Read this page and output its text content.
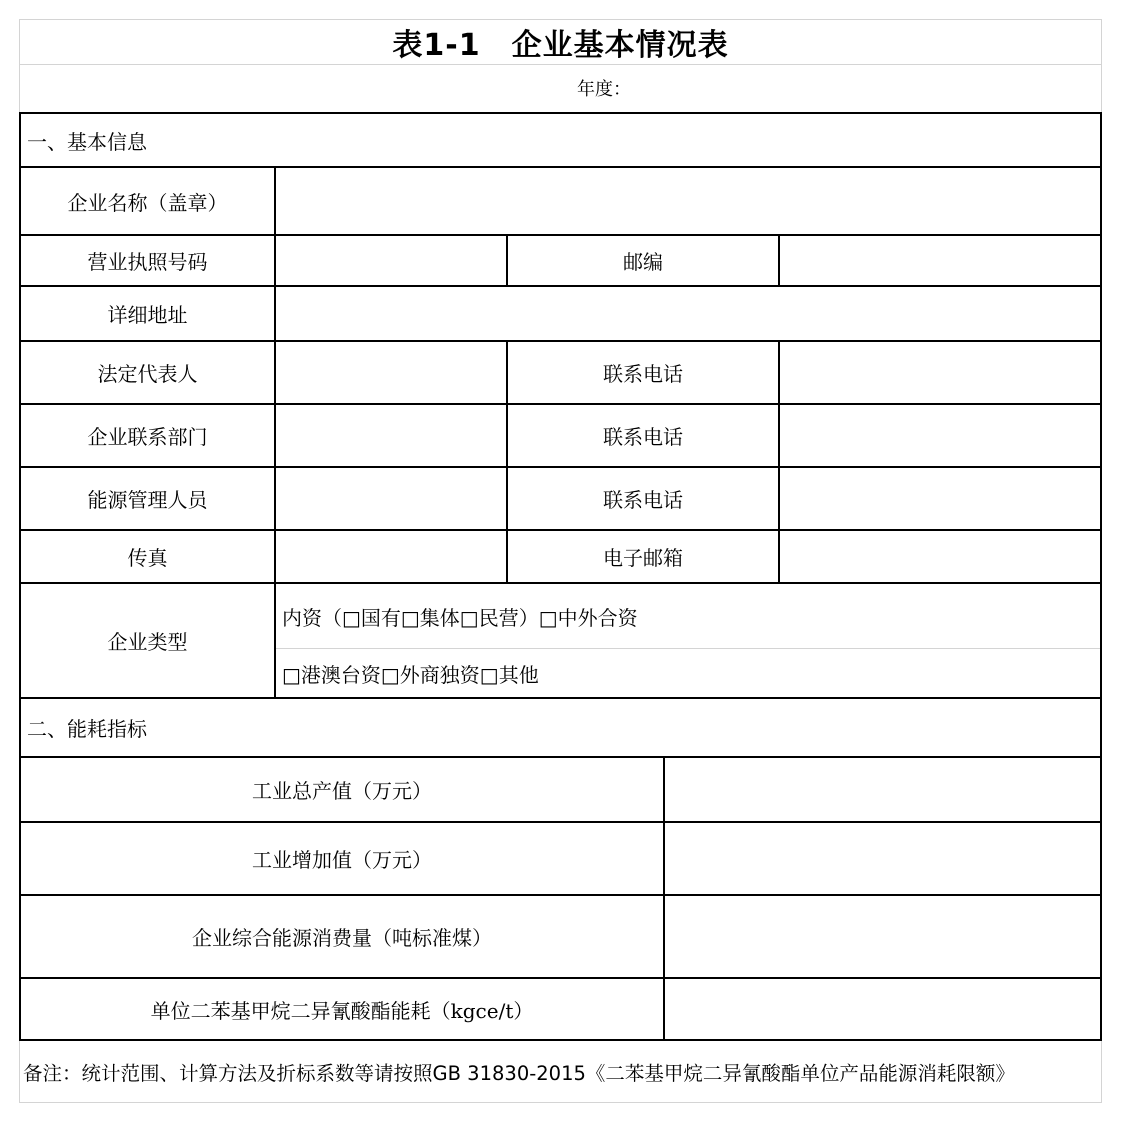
表1-1　企业基本情况表
年度：
一、基本信息
企业名称（盖章）
营业执照号码	邮编
详细地址
法定代表人	联系电话
企业联系部门	联系电话
能源管理人员	联系电话
传真	电子邮箱
企业类型
内资（□国有□集体□民营）□中外合资
□港澳台资□外商独资□其他
二、能耗指标
工业总产值（万元）
工业增加值（万元）
企业综合能源消费量（吨标准煤）
单位二苯基甲烷二异氰酸酯能耗（kgce/t）
备注：统计范围、计算方法及折标系数等请按照GB 31830-2015《二苯基甲烷二异氰酸酯单位产品能源消耗限额》
